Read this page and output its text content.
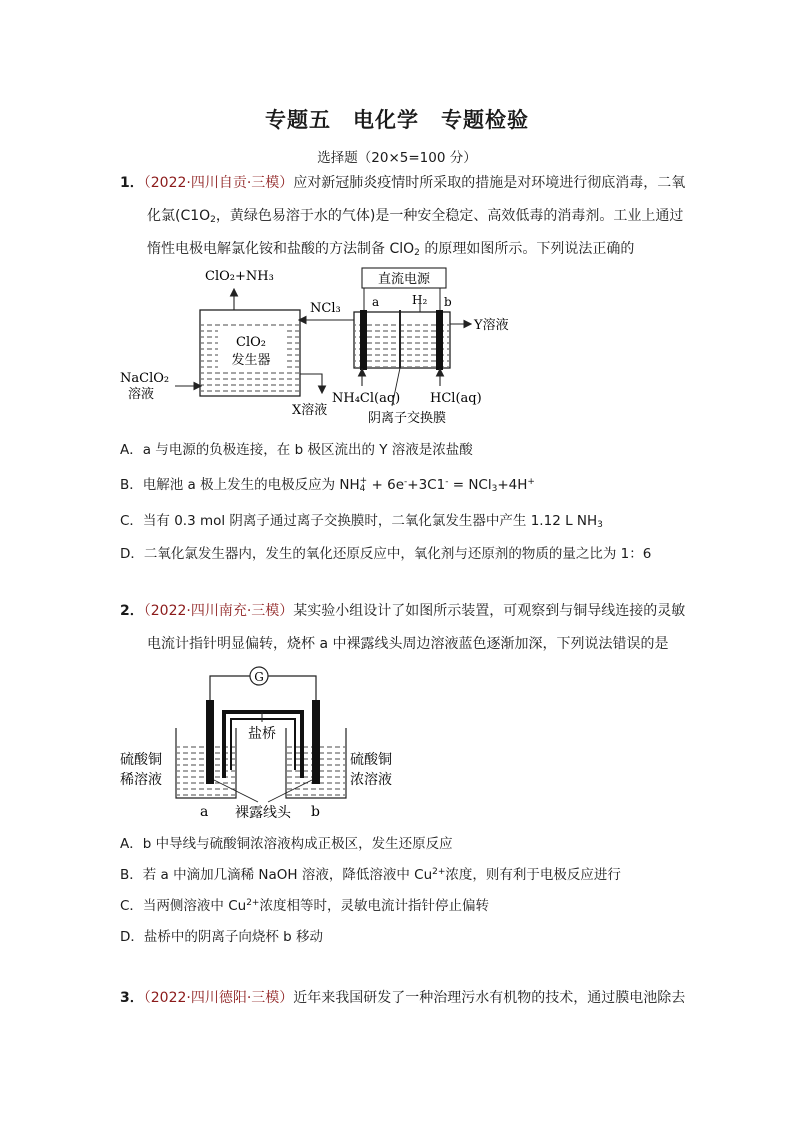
专题五　电化学　专题检验
选择题（20×5=100 分）
1．（2022·四川自贡·三模）应对新冠肺炎疫情时所采取的措施是对环境进行彻底消毒，二氧
化氯($C1O_2$，黄绿色易溶于水的气体)是一种安全稳定、高效低毒的消毒剂。工业上通过
惰性电极电解氯化铵和盐酸的方法制备 ClO$_2$ 的原理如图所示。下列说法正确的
ClO₂
发生器
ClO₂+NH₃
NaClO₂
溶液
X溶液
NCl₃
直流电源
a	b
H₂
Y溶液
NH₄Cl(aq) HCl(aq)
阴离子交换膜
A．a 与电源的负极连接，在 b 极区流出的 Y 溶液是浓盐酸
B．电解池 a 极上发生的电极反应为 NH +
4 + 6e-+3C1- = NCl$_3$+4H+
C．当有 0.3 mol 阴离子通过离子交换膜时，二氧化氯发生器中产生 1.12 L $NH_3$
D．二氧化氯发生器内，发生的氧化还原反应中，氧化剂与还原剂的物质的量之比为 1：6
2．（2022·四川南充·三模）某实验小组设计了如图所示装置，可观察到与铜导线连接的灵敏
电流计指针明显偏转，烧杯 a 中裸露线头周边溶液蓝色逐渐加深，下列说法错误的是
G
盐桥
硫酸铜
稀溶液
硫酸铜
浓溶液
a	b
裸露线头
A．b 中导线与硫酸铜浓溶液构成正极区，发生还原反应
B．若 a 中滴加几滴稀 NaOH 溶液，降低溶液中 $Cu^{2+}$浓度，则有利于电极反应进行
C．当两侧溶液中 $Cu^{2+}$浓度相等时，灵敏电流计指针停止偏转
D．盐桥中的阴离子向烧杯 b 移动
3．（2022·四川德阳·三模）近年来我国研发了一种治理污水有机物的技术，通过膜电池除去
